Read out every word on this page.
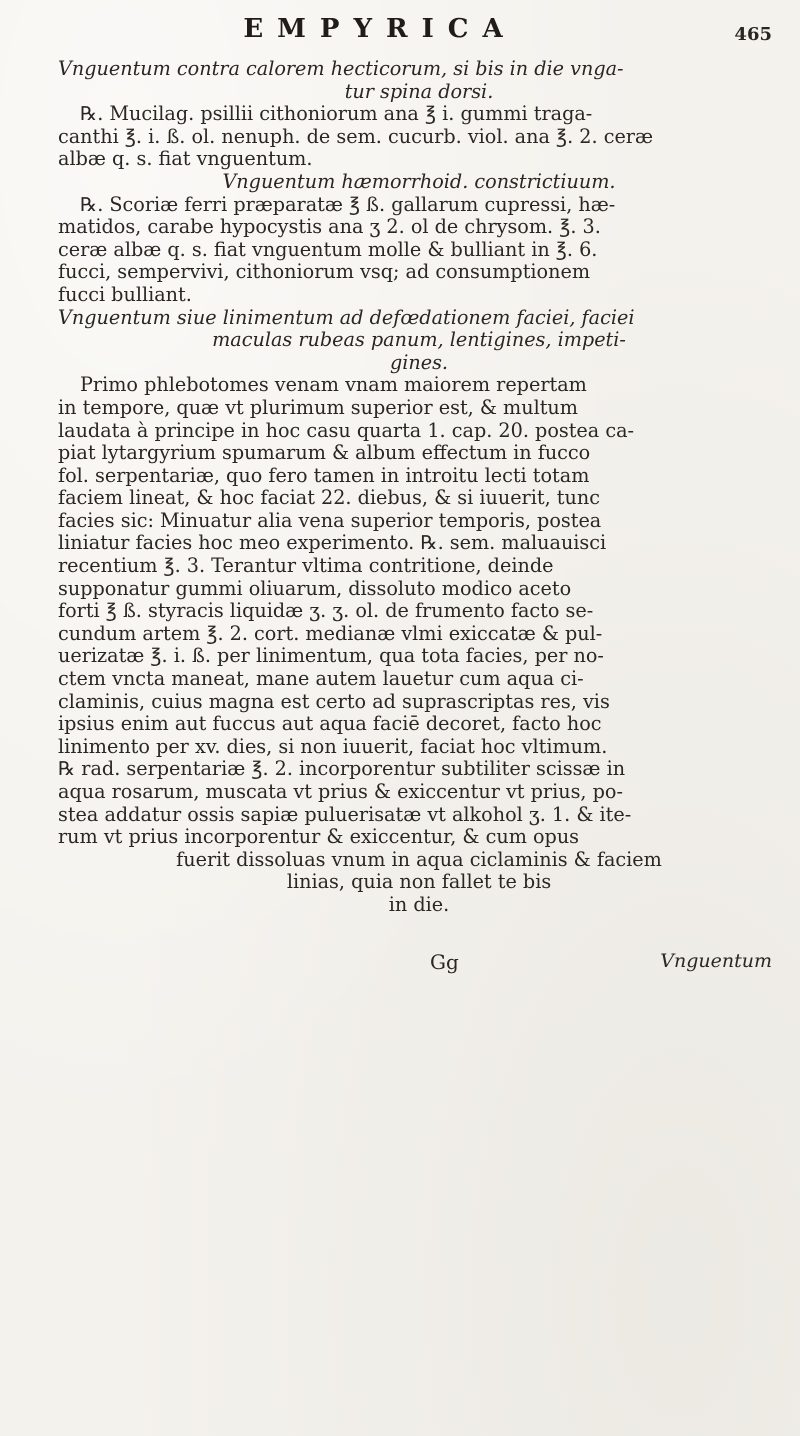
EMPYRICA	465
Vnguentum contra calorem hecticorum, si bis in die vnga-
tur spina dorsi.
℞. Mucilag. psillii cithoniorum ana ℥ i. gummi traga-
canthi ℥. i. ß. ol. nenuph. de sem. cucurb. viol. ana ℥. 2. ceræ
albæ q. s. fiat vnguentum.
Vnguentum hæmorrhoid. constrictiuum.
℞. Scoriæ ferri præparatæ ℥ ß. gallarum cupressi, hæ-
matidos, carabe hypocystis ana ʒ 2. ol de chrysom. ℥. 3.
ceræ albæ q. s. fiat vnguentum molle & bulliant in ℥. 6.
fucci, sempervivi, cithoniorum vsq; ad consumptionem
fucci bulliant.
Vnguentum siue linimentum ad defœdationem faciei, faciei
maculas rubeas panum, lentigines, impeti-
gines.
Primo phlebotomes venam vnam maiorem repertam
in tempore, quæ vt plurimum superior est, & multum
laudata à principe in hoc casu quarta 1. cap. 20. postea ca-
piat lytargyrium spumarum & album effectum in fucco
fol. serpentariæ, quo fero tamen in introitu lecti totam
faciem lineat, & hoc faciat 22. diebus, & si iuuerit, tunc
facies sic: Minuatur alia vena superior temporis, postea
liniatur facies hoc meo experimento. ℞. sem. maluauisci
recentium ℥. 3. Terantur vltima contritione, deinde
supponatur gummi oliuarum, dissoluto modico aceto
forti ℥ ß. styracis liquidæ ʒ. ʒ. ol. de frumento facto se-
cundum artem ℥. 2. cort. medianæ vlmi exiccatæ & pul-
uerizatæ ℥. i. ß. per linimentum, qua tota facies, per no-
ctem vncta maneat, mane autem lauetur cum aqua ci-
claminis, cuius magna est certo ad suprascriptas res, vis
ipsius enim aut fuccus aut aqua faciē decoret, facto hoc
linimento per xv. dies, si non iuuerit, faciat hoc vltimum.
℞ rad. serpentariæ ℥. 2. incorporentur subtiliter scissæ in
aqua rosarum, muscata vt prius & exiccentur vt prius, po-
stea addatur ossis sapiæ puluerisatæ vt alkohol ʒ. 1. & ite-
rum vt prius incorporentur & exiccentur, & cum opus
fuerit dissoluas vnum in aqua ciclaminis & faciem
linias, quia non fallet te bis
in die.
Gg	Vnguentum
